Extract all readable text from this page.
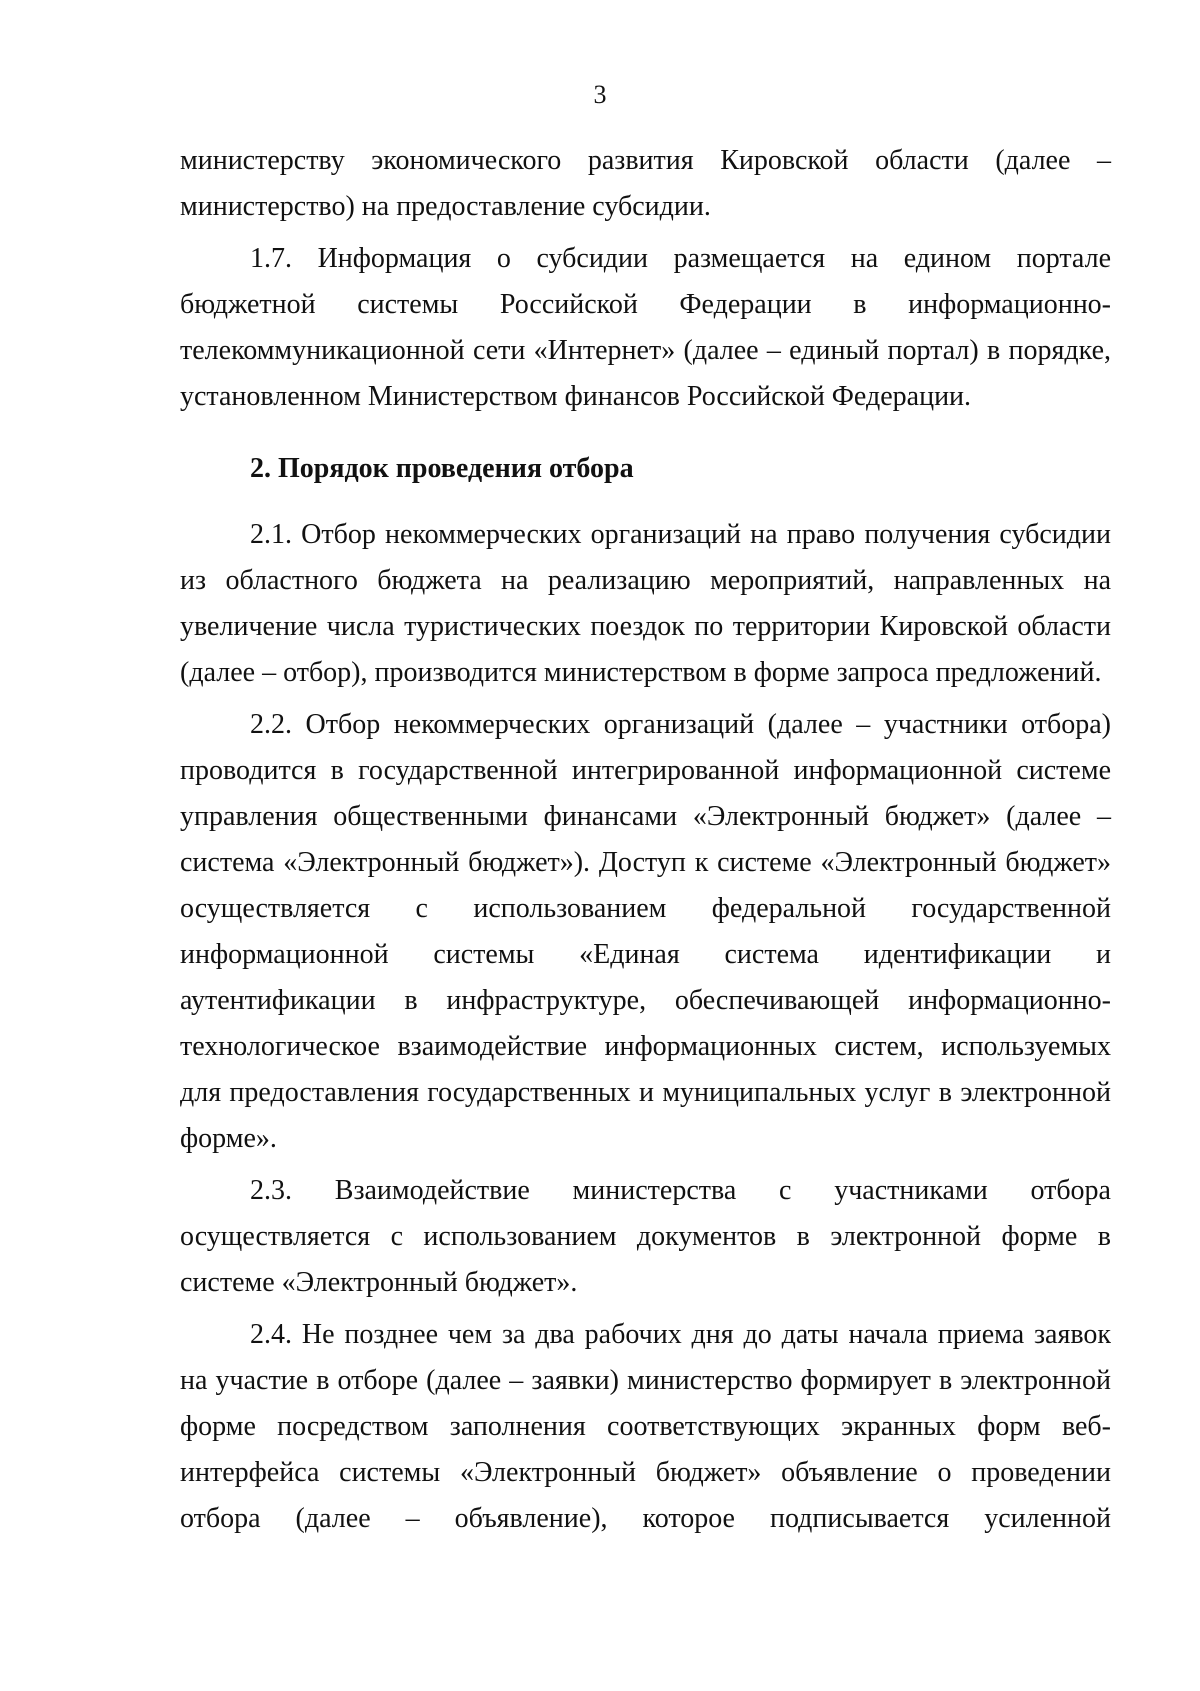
3
министерству экономического развития Кировской области (далее –
министерство) на предоставление субсидии.
1.7. Информация о субсидии размещается на едином портале
бюджетной системы Российской Федерации в информационно-
телекоммуникационной сети «Интернет» (далее – единый портал) в порядке,
установленном Министерством финансов Российской Федерации.
2. Порядок проведения отбора
2.1. Отбор некоммерческих организаций на право получения субсидии
из областного бюджета на реализацию мероприятий, направленных на
увеличение числа туристических поездок по территории Кировской области
(далее – отбор), производится министерством в форме запроса предложений.
2.2. Отбор некоммерческих организаций (далее – участники отбора)
проводится в государственной интегрированной информационной системе
управления общественными финансами «Электронный бюджет» (далее –
система «Электронный бюджет»). Доступ к системе «Электронный бюджет»
осуществляется с использованием федеральной государственной
информационной системы «Единая система идентификации и
аутентификации в инфраструктуре, обеспечивающей информационно-
технологическое взаимодействие информационных систем, используемых
для предоставления государственных и муниципальных услуг в электронной
форме».
2.3. Взаимодействие министерства с участниками отбора
осуществляется с использованием документов в электронной форме в
системе «Электронный бюджет».
2.4. Не позднее чем за два рабочих дня до даты начала приема заявок
на участие в отборе (далее – заявки) министерство формирует в электронной
форме посредством заполнения соответствующих экранных форм веб-
интерфейса системы «Электронный бюджет» объявление о проведении
отбора (далее – объявление), которое подписывается усиленной
